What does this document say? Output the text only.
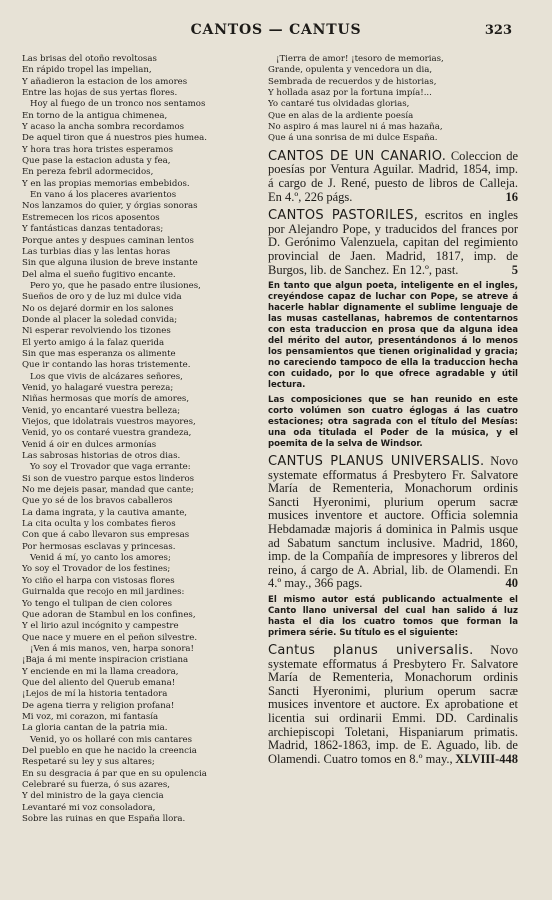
CANTOS — CANTUS	323
Las brisas del otoño revoltosas
En rápido tropel las impelian,
Y añadieron la estacion de los amores
Entre las hojas de sus yertas flores.
Hoy al fuego de un tronco nos sentamos
En torno de la antigua chimenea,
Y acaso la ancha sombra recordamos
De aquel tiron que á nuestros pies humea.
Y hora tras hora tristes esperamos
Que pase la estacion adusta y fea,
En pereza febril adormecidos,
Y en las propias memorias embebidos.
En vano á los placeres avarientos
Nos lanzamos do quier, y órgias sonoras
Estremecen los ricos aposentos
Y fantásticas danzas tentadoras;
Porque antes y despues caminan lentos
Las turbias dias y las lentas horas
Sin que alguna ilusion de breve instante
Del alma el sueño fugitivo encante.
Pero yo, que he pasado entre ilusiones,
Sueños de oro y de luz mi dulce vida
No os dejaré dormir en los salones
Donde al placer la soledad convida;
Ni esperar revolviendo los tizones
El yerto amigo á la falaz querida
Sin que mas esperanza os alimente
Que ir contando las horas tristemente.
Los que vivis de alcázares señores,
Venid, yo halagaré vuestra pereza;
Niñas hermosas que morís de amores,
Venid, yo encantaré vuestra belleza;
Viejos, que idolatrais vuestros mayores,
Venid, yo os contaré vuestra grandeza,
Venid á oir en dulces armonías
Las sabrosas historias de otros dias.
Yo soy el Trovador que vaga errante:
Si son de vuestro parque estos linderos
No me dejeis pasar, mandad que cante;
Que yo sé de los bravos caballeros
La dama ingrata, y la cautiva amante,
La cita oculta y los combates fieros
Con que á cabo llevaron sus empresas
Por hermosas esclavas y princesas.
Venid á mí, yo canto los amores;
Yo soy el Trovador de los festines;
Yo ciño el harpa con vistosas flores
Guirnalda que recojo en mil jardines:
Yo tengo el tulipan de cien colores
Que adoran de Stambul en los confines,
Y el lirio azul incógnito y campestre
Que nace y muere en el peñon silvestre.
¡Ven á mis manos, ven, harpa sonora!
¡Baja á mi mente inspiracion cristiana
Y enciende en mi la llama creadora,
Que del aliento del Querub emana!
¡Lejos de mí la historia tentadora
De agena tierra y religion profana!
Mi voz, mi corazon, mi fantasía
La gloria cantan de la patria mia.
Venid, yo os hollaré con mis cantares
Del pueblo en que he nacido la creencia
Respetaré su ley y sus altares;
En su desgracia á par que en su opulencia
Celebraré su fuerza, ó sus azares,
Y del ministro de la gaya ciencia
Levantaré mi voz consoladora,
Sobre las ruinas en que España llora.
¡Tierra de amor! ¡tesoro de memorias,
Grande, opulenta y vencedora un dia,
Sembrada de recuerdos y de historias,
Y hollada asaz por la fortuna impía!...
Yo cantaré tus olvidadas glorias,
Que en alas de la ardiente poesía
No aspiro á mas laurel ni á mas hazaña,
Que á una sonrisa de mi dulce España.
CANTOS DE UN CANARIO. Coleccion de poesías por Ventura Aguilar. Madrid, 1854, imp. á cargo de J. René, puesto de libros de Calleja. En 4.º, 226 págs.	16
CANTOS PASTORILES, escritos en ingles por Alejandro Pope, y traducidos del frances por D. Gerónimo Valenzuela, capitan del regimiento provincial de Jaen. Madrid, 1817, imp. de Burgos, lib. de Sanchez. En 12.º, past.	5
En tanto que algun poeta, inteligente en el ingles, creyéndose capaz de luchar con Pope, se atreve á hacerle hablar dignamente el sublime lenguaje de las musas castellanas, habremos de contentarnos con esta traduccion en prosa que da alguna idea del mérito del autor, presentándonos á lo menos los pensamientos que tienen originalidad y gracia; no careciendo tampoco de ella la traduccion hecha con cuidado, por lo que ofrece agradable y útil lectura.
Las composiciones que se han reunido en este corto volúmen son cuatro églogas á las cuatro estaciones; otra sagrada con el título del Mesías: una oda titulada el Poder de la música, y el poemita de la selva de Windsor.
CANTUS PLANUS UNIVERSALIS. Novo systemate efformatus á Presbytero Fr. Salvatore María de Rementeria, Monachorum ordinis Sancti Hyeronimi, plurium operum sacræ musices inventore et auctore. Officia solemnia Hebdamadæ majoris á dominica in Palmis usque ad Sabatum sanctum inclusive. Madrid, 1860, imp. de la Compañía de impresores y libreros del reino, á cargo de A. Abrial, lib. de Olamendi. En 4.º may., 366 pags.	40
El mismo autor está publicando actualmente el Canto llano universal del cual han salido á luz hasta el dia los cuatro tomos que forman la primera série. Su título es el siguiente:
Cantus planus universalis. Novo systemate efformatus á Presbytero Fr. Salvatore María de Rementeria, Monachorum ordinis Sancti Hyeronimi, plurium operum sacræ musices inventore et auctore. Ex aprobatione et licentia sui ordinarii Emmi. DD. Cardinalis archiepiscopi Toletani, Hispaniarum primatis. Madrid, 1862-1863, imp. de E. Aguado, lib. de Olamendi. Cuatro tomos en 8.º may., XLVIII-448
